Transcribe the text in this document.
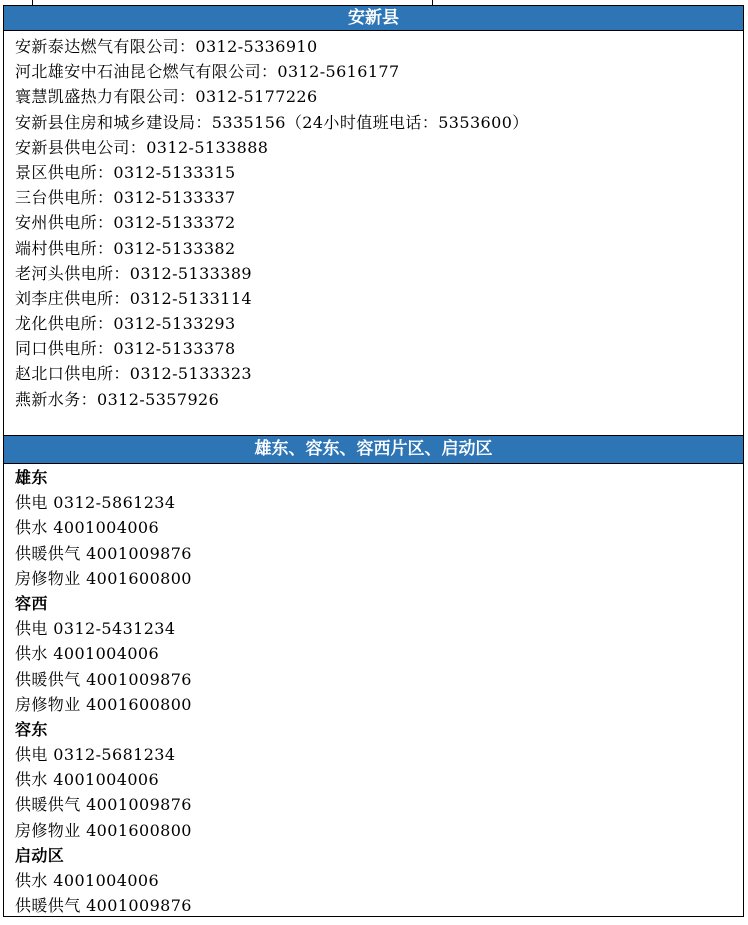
安新县
安新泰达燃气有限公司：0312-5336910
河北雄安中石油昆仑燃气有限公司：0312-5616177
寰慧凯盛热力有限公司：0312-5177226
安新县住房和城乡建设局：5335156（24小时值班电话：5353600）
安新县供电公司：0312-5133888
景区供电所：0312-5133315
三台供电所：0312-5133337
安州供电所：0312-5133372
端村供电所：0312-5133382
老河头供电所：0312-5133389
刘李庄供电所：0312-5133114
龙化供电所：0312-5133293
同口供电所：0312-5133378
赵北口供电所：0312-5133323
燕新水务：0312-5357926
雄东、容东、容西片区、启动区
雄东
供电 0312-5861234
供水 4001004006
供暖供气 4001009876
房修物业 4001600800
容西
供电 0312-5431234
供水 4001004006
供暖供气 4001009876
房修物业 4001600800
容东
供电 0312-5681234
供水 4001004006
供暖供气 4001009876
房修物业 4001600800
启动区
供水 4001004006
供暖供气 4001009876
